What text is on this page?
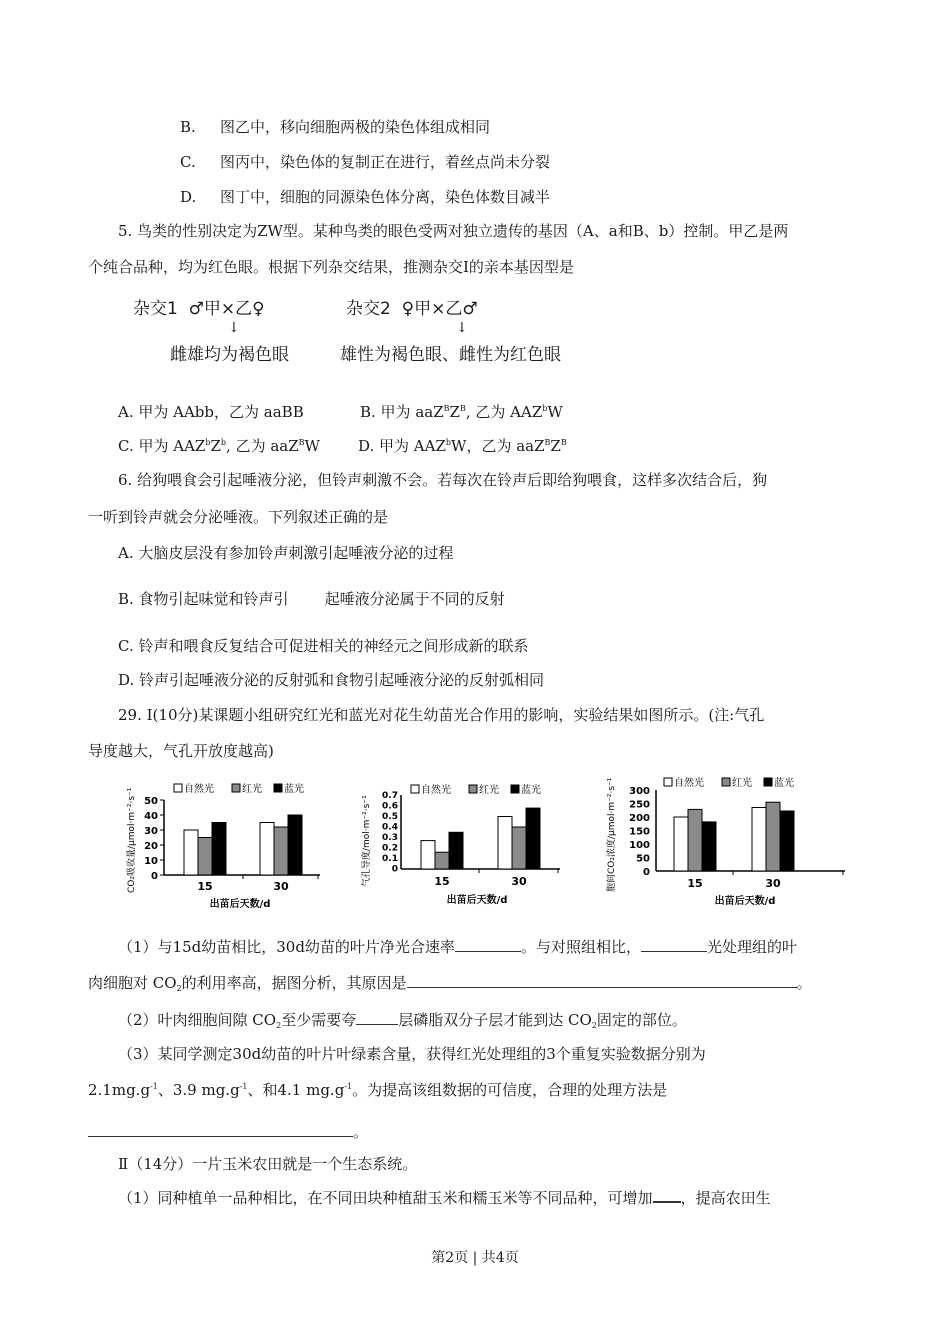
B. 图乙中，移向细胞两极的染色体组成相同
C. 图丙中，染色体的复制正在进行，着丝点尚未分裂
D. 图丁中，细胞的同源染色体分离，染色体数目减半
5. 鸟类的性别决定为ZW型。某种鸟类的眼色受两对独立遗传的基因（A、a和B、b）控制。甲乙是两
个纯合品种，均为红色眼。根据下列杂交结果，推测杂交Ⅰ的亲本基因型是
杂交1 ♂甲×乙♀
↓
雌雄均为褐色眼
杂交2 ♀甲×乙♂
↓
雄性为褐色眼、雌性为红色眼
A. 甲为 AAbb，乙为 aaBB	B. 甲为 $aaZ^BZ^B$, 乙为 AAZ$^b$W
C. 甲为 $AAZ^bZ^b$, 乙为 aaZ$^B$W	D. 甲为 AAZ$^b$W，乙为 $aaZ^BZ^B$
6. 给狗喂食会引起唾液分泌，但铃声刺激不会。若每次在铃声后即给狗喂食，这样多次结合后，狗
一听到铃声就会分泌唾液。下列叙述正确的是
A. 大脑皮层没有参加铃声刺激引起唾液分泌的过程
B. 食物引起味觉和铃声引 起唾液分泌属于不同的反射
C. 铃声和喂食反复结合可促进相关的神经元之间形成新的联系
D. 铃声引起唾液分泌的反射弧和食物引起唾液分泌的反射弧相同
29. Ⅰ(10分)某课题小组研究红光和蓝光对花生幼苗光合作用的影响，实验结果如图所示。(注:气孔
导度越大，气孔开放度越高)
CO₂吸收量/μmol·m⁻²·s⁻¹ 50
40
30
20
10
0
15	30
出苗后天数/d
自然光	红光 蓝光
气孔导度/mol·m⁻²·s⁻¹ 0.7
0.6
0.5
0.4
0.3
0.2
0.1
0
15	30
出苗后天数/d
自然光	红光 蓝光	胞间CO₂浓度/μmol·m⁻²·s⁻¹ 300
250
200
150
100
50
0
15	30
出苗后天数/d
自然光	红光 蓝光
（1）与15d幼苗相比，30d幼苗的叶片净光合速率	。与对照组相比，	光处理组的叶
肉细胞对 $CO_2$的利用率高，据图分析，其原因是	。
（2）叶肉细胞间隙 $CO_2$至少需要夸	层磷脂双分子层才能到达 $CO_2$固定的部位。
（3）某同学测定30d幼苗的叶片叶绿素含量，获得红光处理组的3个重复实验数据分别为
$2.1mg.g^{-1}$、3.9 $mg.g^{-1}$、和4.1 $mg.g^{-1}$。为提高该组数据的可信度，合理的处理方法是
。
Ⅱ（14分）一片玉米农田就是一个生态系统。
（1）同种植单一品种相比，在不同田块种植甜玉米和糯玉米等不同品种，可增加 ，提高农田生
第2页 | 共4页
